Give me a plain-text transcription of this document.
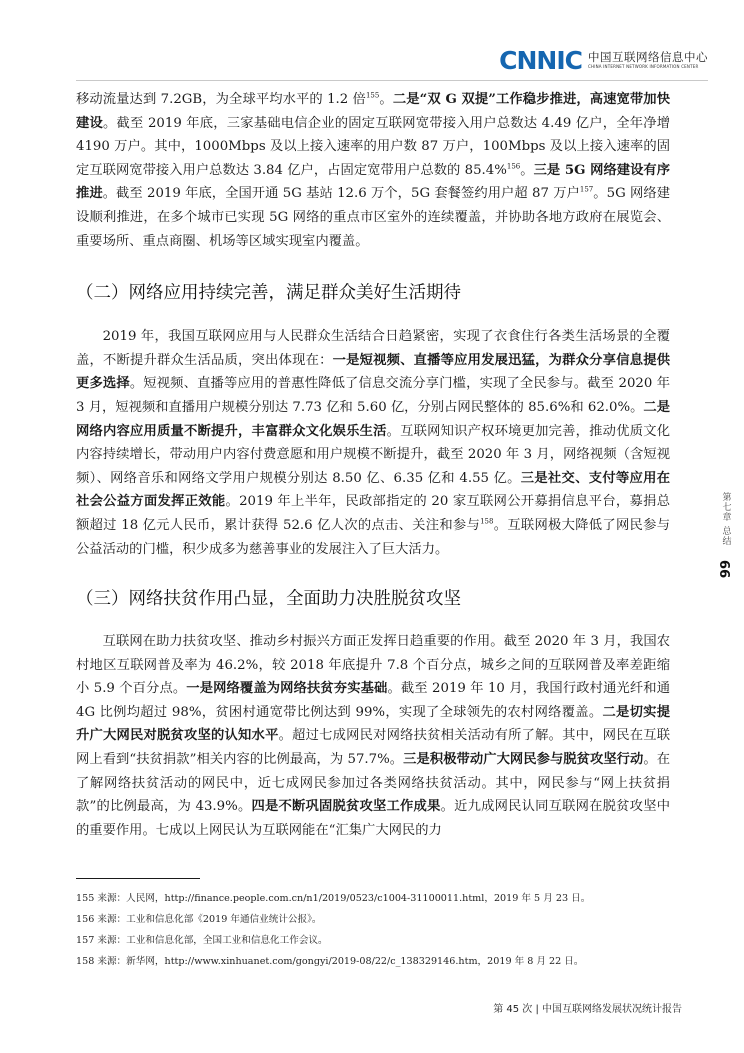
CNNIC 中国互联网络信息中心
CHINA INTERNET NETWORK INFORMATION CENTER

移动流量达到 7.2GB，为全球平均水平的 1.2 倍$^{155}$。二是“双 G 双提”工作稳步推进，高速宽带加快建设。截至 2019 年底，三家基础电信企业的固定互联网宽带接入用户总数达 4.49 亿户，全年净增 4190 万户。其中，1000Mbps 及以上接入速率的用户数 87 万户，100Mbps 及以上接入速率的固定互联网宽带接入用户总数达 3.84 亿户，占固定宽带用户总数的 85.4%$^{156}$。三是 5G 网络建设有序推进。截至 2019 年底，全国开通 5G 基站 12.6 万个，5G 套餐签约用户超 87 万户$^{157}$。5G 网络建设顺利推进，在多个城市已实现 5G 网络的重点市区室外的连续覆盖，并协助各地方政府在展览会、重要场所、重点商圈、机场等区域实现室内覆盖。

（二）网络应用持续完善，满足群众美好生活期待

2019 年，我国互联网应用与人民群众生活结合日趋紧密，实现了衣食住行各类生活场景的全覆盖，不断提升群众生活品质，突出体现在：一是短视频、直播等应用发展迅猛，为群众分享信息提供更多选择。短视频、直播等应用的普惠性降低了信息交流分享门槛，实现了全民参与。截至 2020 年 3 月，短视频和直播用户规模分别达 7.73 亿和 5.60 亿，分别占网民整体的 85.6%和 62.0%。二是网络内容应用质量不断提升，丰富群众文化娱乐生活。互联网知识产权环境更加完善，推动优质文化内容持续增长，带动用户内容付费意愿和用户规模不断提升，截至 2020 年 3 月，网络视频（含短视频）、网络音乐和网络文学用户规模分别达 8.50 亿、6.35 亿和 4.55 亿。三是社交、支付等应用在社会公益方面发挥正效能。2019 年上半年，民政部指定的 20 家互联网公开募捐信息平台，募捐总额超过 18 亿元人民币，累计获得 52.6 亿人次的点击、关注和参与$^{158}$。互联网极大降低了网民参与公益活动的门槛，积少成多为慈善事业的发展注入了巨大活力。

（三）网络扶贫作用凸显，全面助力决胜脱贫攻坚

互联网在助力扶贫攻坚、推动乡村振兴方面正发挥日趋重要的作用。截至 2020 年 3 月，我国农村地区互联网普及率为 46.2%，较 2018 年底提升 7.8 个百分点，城乡之间的互联网普及率差距缩小 5.9 个百分点。一是网络覆盖为网络扶贫夯实基础。截至 2019 年 10 月，我国行政村通光纤和通 4G 比例均超过 98%，贫困村通宽带比例达到 99%，实现了全球领先的农村网络覆盖。二是切实提升广大网民对脱贫攻坚的认知水平。超过七成网民对网络扶贫相关活动有所了解。其中，网民在互联网上看到“扶贫捐款”相关内容的比例最高，为 57.7%。三是积极带动广大网民参与脱贫攻坚行动。在了解网络扶贫活动的网民中，近七成网民参加过各类网络扶贫活动。其中，网民参与“网上扶贫捐款”的比例最高，为 43.9%。四是不断巩固脱贫攻坚工作成果。近九成网民认同互联网在脱贫攻坚中的重要作用。七成以上网民认为互联网能在“汇集广大网民的力

155 来源：人民网，http://finance.people.com.cn/n1/2019/0523/c1004-31100011.html，2019 年 5 月 23 日。
156 来源：工业和信息化部《2019 年通信业统计公报》。
157 来源：工业和信息化部，全国工业和信息化工作会议。
158 来源：新华网，http://www.xinhuanet.com/gongyi/2019-08/22/c_138329146.htm，2019 年 8 月 22 日。
第 45 次 | 中国互联网络发展状况统计报告
第七章 总结
99
